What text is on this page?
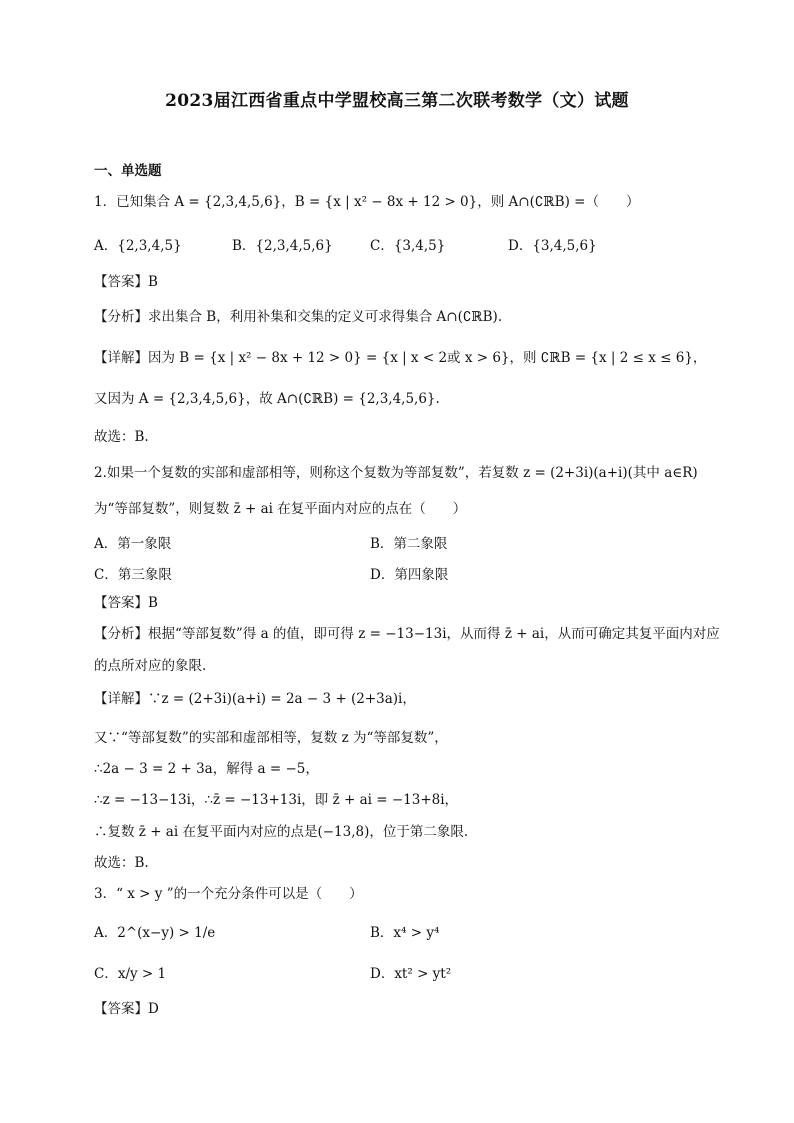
2023届江西省重点中学盟校高三第二次联考数学（文）试题
一、单选题
1．已知集合 A = {2,3,4,5,6}，B = {x | x² − 8x + 12 > 0}，则 A∩(∁ℝB) =（　　）
A．{2,3,4,5}	B．{2,3,4,5,6}	C．{3,4,5}	D．{3,4,5,6}
【答案】B
【分析】求出集合 B，利用补集和交集的定义可求得集合 A∩(∁ℝB).
【详解】因为 B = {x | x² − 8x + 12 > 0} = {x | x < 2或 x > 6}，则 ∁ℝB = {x | 2 ≤ x ≤ 6}，
又因为 A = {2,3,4,5,6}，故 A∩(∁ℝB) = {2,3,4,5,6}.
故选：B.
2.如果一个复数的实部和虚部相等，则称这个复数为等部复数”，若复数 z = (2+3i)(a+i)(其中 a∈R)
为“等部复数”，则复数 z̄ + ai 在复平面内对应的点在（　　）
A．第一象限	B．第二象限
C．第三象限	D．第四象限
【答案】B
【分析】根据“等部复数”得 a 的值，即可得 z = −13−13i，从而得 z̄ + ai，从而可确定其复平面内对应
的点所对应的象限.
【详解】∵z = (2+3i)(a+i) = 2a − 3 + (2+3a)i，
又∵“等部复数”的实部和虚部相等，复数 z 为“等部复数”，
∴2a − 3 = 2 + 3a，解得 a = −5，
∴z = −13−13i，∴z̄ = −13+13i，即 z̄ + ai = −13+8i，
∴复数 z̄ + ai 在复平面内对应的点是(−13,8)，位于第二象限.
故选：B.
3．“ x > y ”的一个充分条件可以是（　　）
A．2^(x−y) > 1/e	B．x⁴ > y⁴
C．x/y > 1	D．xt² > yt²
【答案】D
